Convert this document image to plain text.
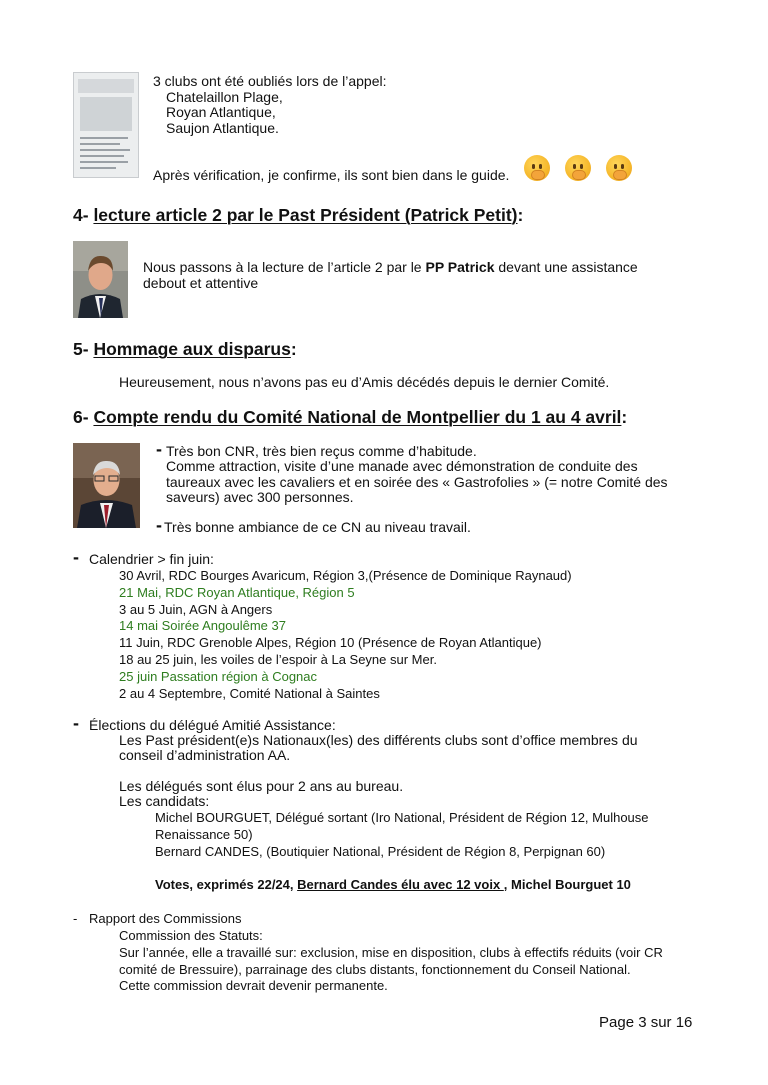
3 clubs ont été oubliés lors de l’appel:
Chatelaillon Plage,
Royan Atlantique,
Saujon Atlantique.
Après vérification, je confirme, ils sont bien dans le guide.
4- lecture article 2 par le Past Président (Patrick Petit):
Nous passons à la lecture de l’article 2 par le PP Patrick devant une assistance
debout et attentive
5- Hommage aux disparus:
Heureusement, nous n’avons pas eu d’Amis décédés depuis le dernier Comité.
6- Compte rendu du Comité National de Montpellier du 1 au 4 avril:
- Très bon CNR, très bien reçus comme d’habitude.
Comme attraction, visite d’une manade avec démonstration de conduite des
taureaux avec les cavaliers et en soirée des « Gastrofolies » (= notre Comité des
saveurs) avec 300 personnes.
- Très bonne ambiance de ce CN au niveau travail.
- Calendrier > fin juin:
30 Avril, RDC Bourges Avaricum, Région 3,(Présence de Dominique Raynaud)
21 Mai, RDC Royan Atlantique, Région 5
3 au 5 Juin, AGN à Angers
14 mai Soirée Angoulême 37
11 Juin, RDC Grenoble Alpes, Région 10 (Présence de Royan Atlantique)
18 au 25 juin, les voiles de l’espoir à La Seyne sur Mer.
25 juin Passation région à Cognac
2 au 4 Septembre, Comité National à Saintes
- Élections du délégué Amitié Assistance:
Les Past président(e)s Nationaux(les) des différents clubs sont d’office membres du
conseil d’administration AA.
Les délégués sont élus pour 2 ans au bureau.
Les candidats:
Michel BOURGUET, Délégué sortant (Iro National, Président de Région 12, Mulhouse
Renaissance 50)
Bernard CANDES, (Boutiquier National, Président de Région 8, Perpignan 60)
Votes, exprimés 22/24, Bernard Candes élu avec 12 voix , Michel Bourguet 10
- Rapport des Commissions
Commission des Statuts:
Sur l’année, elle a travaillé sur: exclusion, mise en disposition, clubs à effectifs réduits (voir CR
comité de Bressuire), parrainage des clubs distants, fonctionnement du Conseil National.
Cette commission devrait devenir permanente.
Page 3 sur 16
